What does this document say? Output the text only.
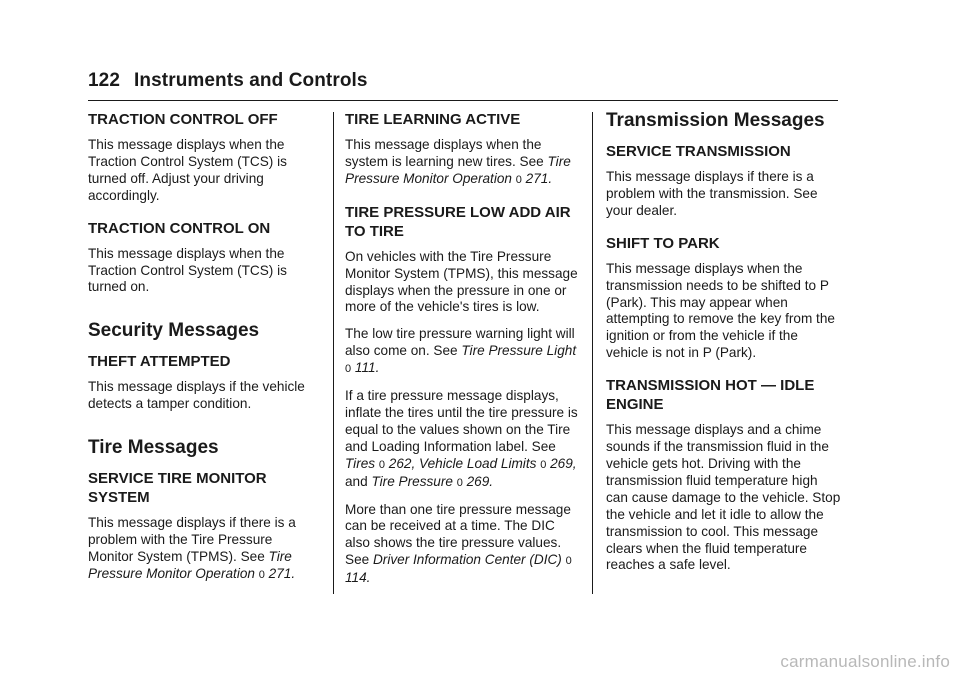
122 Instruments and Controls
TRACTION CONTROL OFF

This message displays when the Traction Control System (TCS) is turned off. Adjust your driving accordingly.

TRACTION CONTROL ON

This message displays when the Traction Control System (TCS) is turned on.

Security Messages
THEFT ATTEMPTED

This message displays if the vehicle detects a tamper condition.

Tire Messages
SERVICE TIRE MONITOR SYSTEM

This message displays if there is a problem with the Tire Pressure Monitor System (TPMS). See Tire Pressure Monitor Operation 0 271.

TIRE LEARNING ACTIVE

This message displays when the system is learning new tires. See Tire Pressure Monitor Operation 0 271.

TIRE PRESSURE LOW ADD AIR TO TIRE

On vehicles with the Tire Pressure Monitor System (TPMS), this message displays when the pressure in one or more of the vehicle's tires is low.

The low tire pressure warning light will also come on. See Tire Pressure Light 0 111.

If a tire pressure message displays, inflate the tires until the tire pressure is equal to the values shown on the Tire and Loading Information label. See Tires 0 262, Vehicle Load Limits 0 269, and Tire Pressure 0 269.

More than one tire pressure message can be received at a time. The DIC also shows the tire pressure values. See Driver Information Center (DIC) 0 114.

Transmission Messages
SERVICE TRANSMISSION

This message displays if there is a problem with the transmission. See your dealer.

SHIFT TO PARK

This message displays when the transmission needs to be shifted to P (Park). This may appear when attempting to remove the key from the ignition or from the vehicle if the vehicle is not in P (Park).

TRANSMISSION HOT — IDLE ENGINE

This message displays and a chime sounds if the transmission fluid in the vehicle gets hot. Driving with the transmission fluid temperature high can cause damage to the vehicle. Stop the vehicle and let it idle to allow the transmission to cool. This message clears when the fluid temperature reaches a safe level.

carmanualsonline.info
